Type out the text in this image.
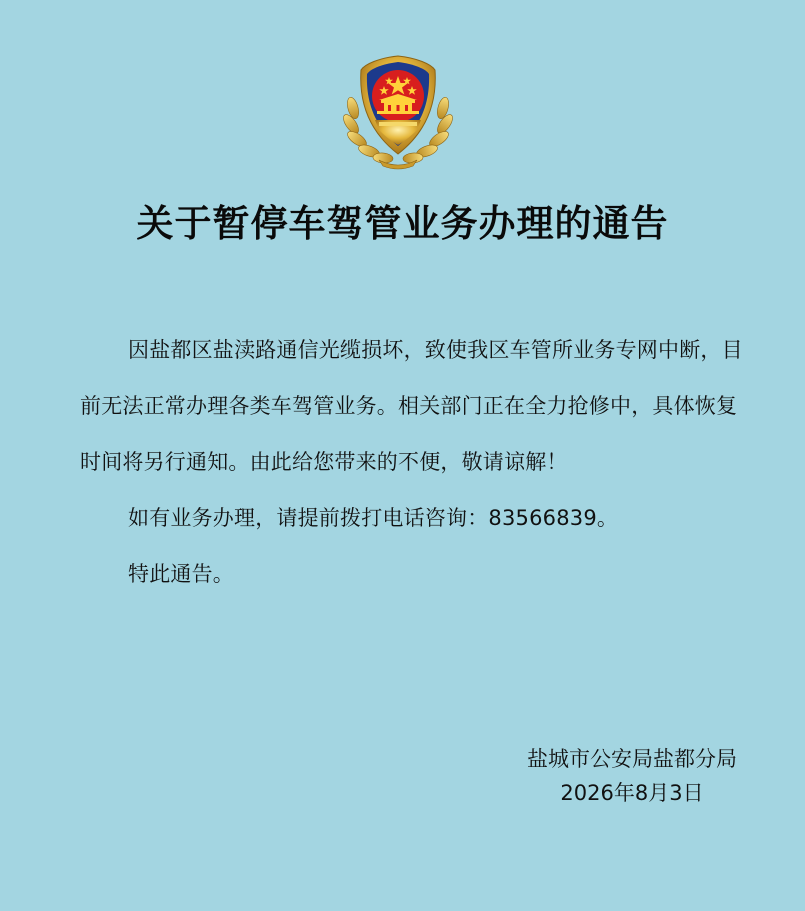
关于暂停车驾管业务办理的通告

因盐都区盐渎路通信光缆损坏，致使我区车管所业务专网中断，目前无法正常办理各类车驾管业务。相关部门正在全力抢修中，具体恢复时间将另行通知。由此给您带来的不便，敬请谅解！

如有业务办理，请提前拨打电话咨询：83566839。

特此通告。

盐城市公安局盐都分局
2026年8月3日
